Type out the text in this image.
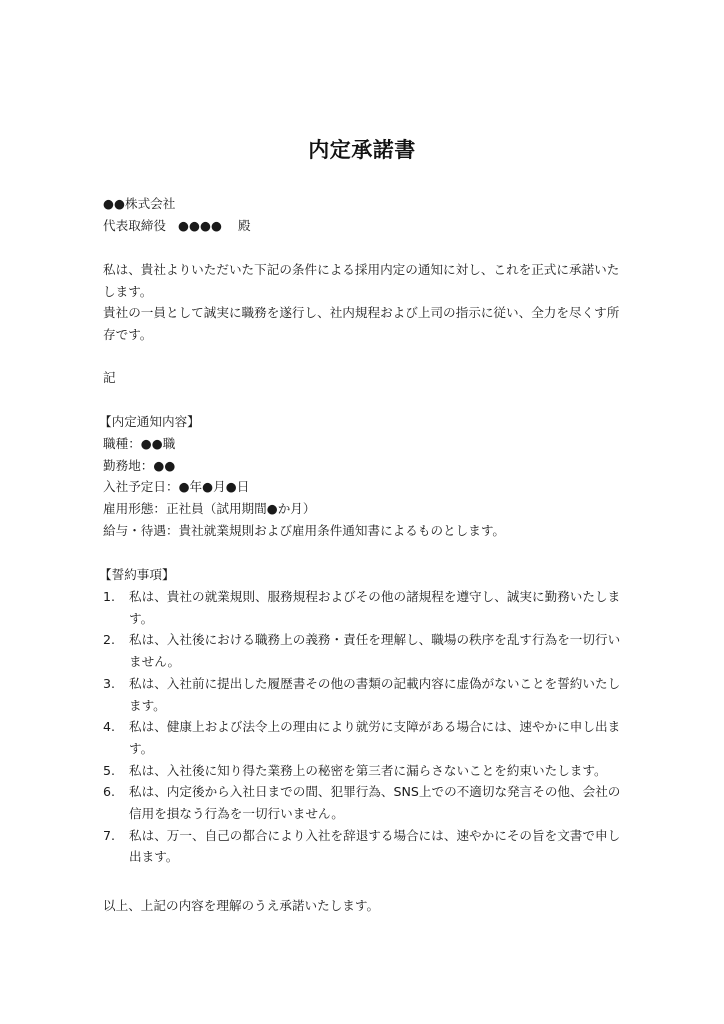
内定承諾書
●●株式会社
代表取締役 ●●●● 殿
私は、貴社よりいただいた下記の条件による採用内定の通知に対し、これを正式に承諾いたします。
貴社の一員として誠実に職務を遂行し、社内規程および上司の指示に従い、全力を尽くす所存です。
記
【内定通知内容】
職種：●●職
勤務地：●●
入社予定日：●年●月●日
雇用形態：正社員（試用期間●か月）
給与・待遇：貴社就業規則および雇用条件通知書によるものとします。
【誓約事項】
1.	私は、貴社の就業規則、服務規程およびその他の諸規程を遵守し、誠実に勤務いたします。
2.	私は、入社後における職務上の義務・責任を理解し、職場の秩序を乱す行為を一切行いません。
3.	私は、入社前に提出した履歴書その他の書類の記載内容に虚偽がないことを誓約いたします。
4.	私は、健康上および法令上の理由により就労に支障がある場合には、速やかに申し出ます。
5.	私は、入社後に知り得た業務上の秘密を第三者に漏らさないことを約束いたします。
6.	私は、内定後から入社日までの間、犯罪行為、SNS上での不適切な発言その他、会社の信用を損なう行為を一切行いません。
7.	私は、万一、自己の都合により入社を辞退する場合には、速やかにその旨を文書で申し出ます。
以上、上記の内容を理解のうえ承諾いたします。
